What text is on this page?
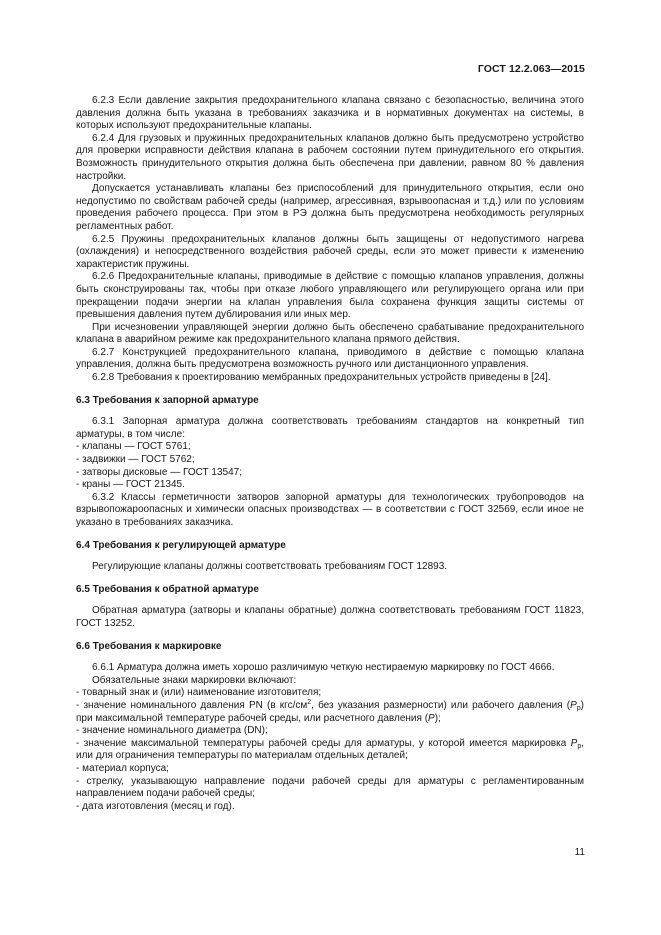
ГОСТ 12.2.063—2015

6.2.3 Если давление закрытия предохранительного клапана связано с безопасностью, величина этого давления должна быть указана в требованиях заказчика и в нормативных документах на системы, в которых используют предохранительные клапаны.

6.2.4 Для грузовых и пружинных предохранительных клапанов должно быть предусмотрено устройство для проверки исправности действия клапана в рабочем состоянии путем принудительного его открытия. Возможность принудительного открытия должна быть обеспечена при давлении, равном 80 % давления настройки.

Допускается устанавливать клапаны без приспособлений для принудительного открытия, если оно недопустимо по свойствам рабочей среды (например, агрессивная, взрывоопасная и т.д.) или по условиям проведения рабочего процесса. При этом в РЭ должна быть предусмотрена необходимость регулярных регламентных работ.

6.2.5 Пружины предохранительных клапанов должны быть защищены от недопустимого нагрева (охлаждения) и непосредственного воздействия рабочей среды, если это может привести к изменению характеристик пружины.

6.2.6 Предохранительные клапаны, приводимые в действие с помощью клапанов управления, должны быть сконструированы так, чтобы при отказе любого управляющего или регулирующего органа или при прекращении подачи энергии на клапан управления была сохранена функция защиты системы от превышения давления путем дублирования или иных мер.

При исчезновении управляющей энергии должно быть обеспечено срабатывание предохранительного клапана в аварийном режиме как предохранительного клапана прямого действия.

6.2.7 Конструкцией предохранительного клапана, приводимого в действие с помощью клапана управления, должна быть предусмотрена возможность ручного или дистанционного управления.

6.2.8 Требования к проектированию мембранных предохранительных устройств приведены в [24].

6.3 Требования к запорной арматуре

6.3.1 Запорная арматура должна соответствовать требованиям стандартов на конкретный тип арматуры, в том числе:

- клапаны — ГОСТ 5761;

- задвижки — ГОСТ 5762;

- затворы дисковые — ГОСТ 13547;

- краны — ГОСТ 21345.

6.3.2 Классы герметичности затворов запорной арматуры для технологических трубопроводов на взрывопожароопасных и химически опасных производствах — в соответствии с ГОСТ 32569, если иное не указано в требованиях заказчика.

6.4 Требования к регулирующей арматуре

Регулирующие клапаны должны соответствовать требованиям ГОСТ 12893.

6.5 Требования к обратной арматуре

Обратная арматура (затворы и клапаны обратные) должна соответствовать требованиям ГОСТ 11823, ГОСТ 13252.

6.6 Требования к маркировке

6.6.1 Арматура должна иметь хорошо различимую четкую нестираемую маркировку по ГОСТ 4666.

Обязательные знаки маркировки включают:

- товарный знак и (или) наименование изготовителя;

- значение номинального давления PN (в кгс/$см^2$, без указания размерности) или рабочего давления $(P_р)$ при максимальной температуре рабочей среды, или расчетного давления (P);

- значение номинального диаметра (DN);

- значение максимальной температуры рабочей среды для арматуры, у которой имеется маркировка $P_р$, или для ограничения температуры по материалам отдельных деталей;

- материал корпуса;

- стрелку, указывающую направление подачи рабочей среды для арматуры с регламентированным направлением подачи рабочей среды;

- дата изготовления (месяц и год).

11
